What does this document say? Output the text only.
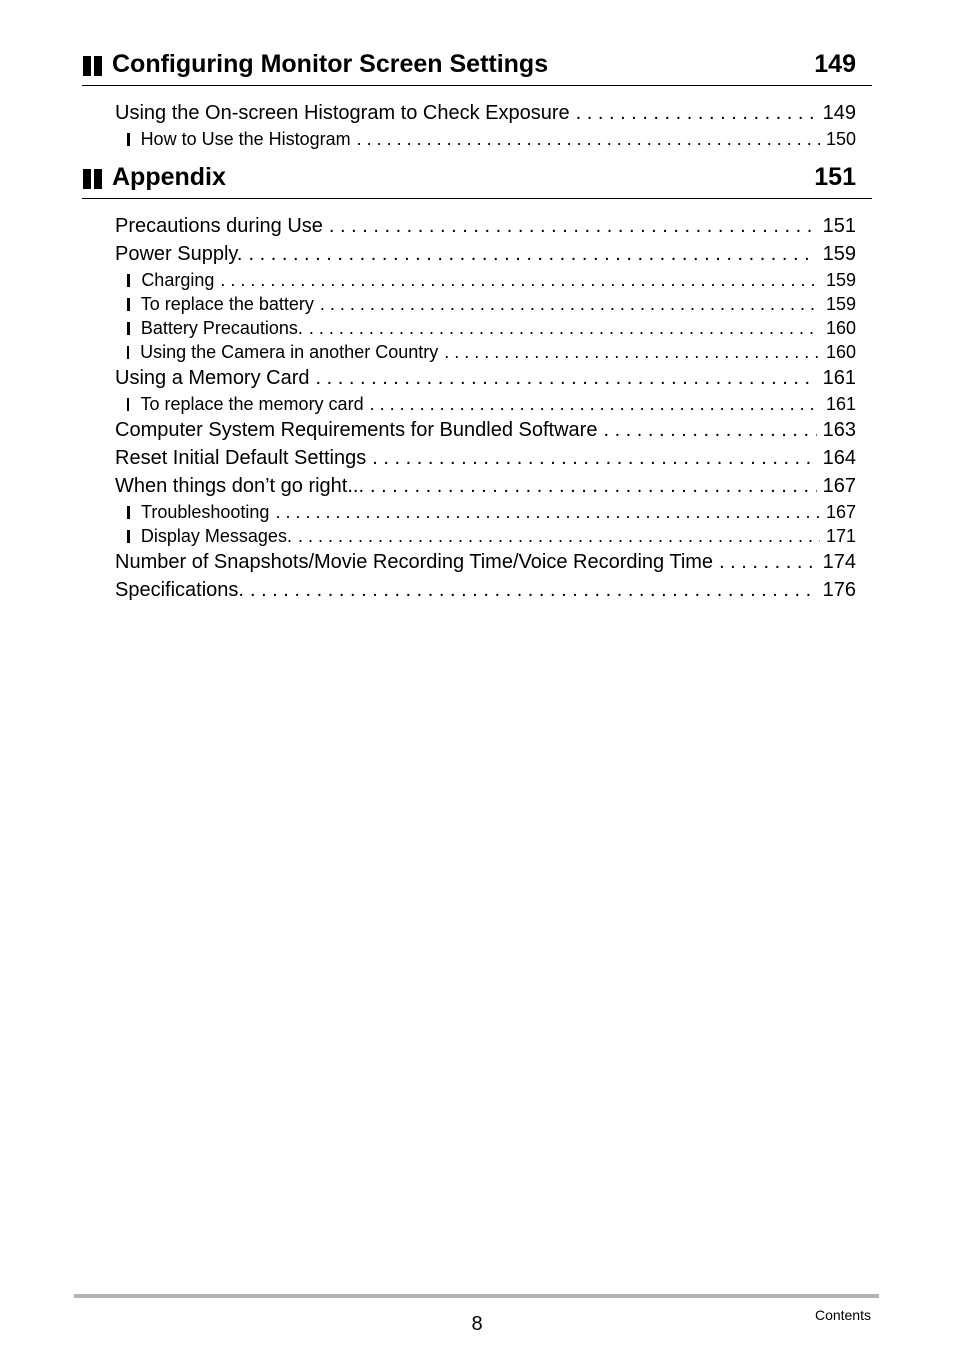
Configuring Monitor Screen Settings	149
Using the On-screen Histogram to Check Exposure . . .	149
How to Use the Histogram . . .	150
Appendix	151
Precautions during Use . . .	151
Power Supply. . . .	159
Charging . . .	159
To replace the battery . . .	159
Battery Precautions. . . .	160
Using the Camera in another Country . . .	160
Using a Memory Card . . .	161
To replace the memory card . . .	161
Computer System Requirements for Bundled Software . . .	163
Reset Initial Default Settings . . .	164
When things don’t go right... . . .	167
Troubleshooting . . .	167
Display Messages. . . .	171
Number of Snapshots/Movie Recording Time/Voice Recording Time . . .	174
Specifications. . . .	176
8	Contents
